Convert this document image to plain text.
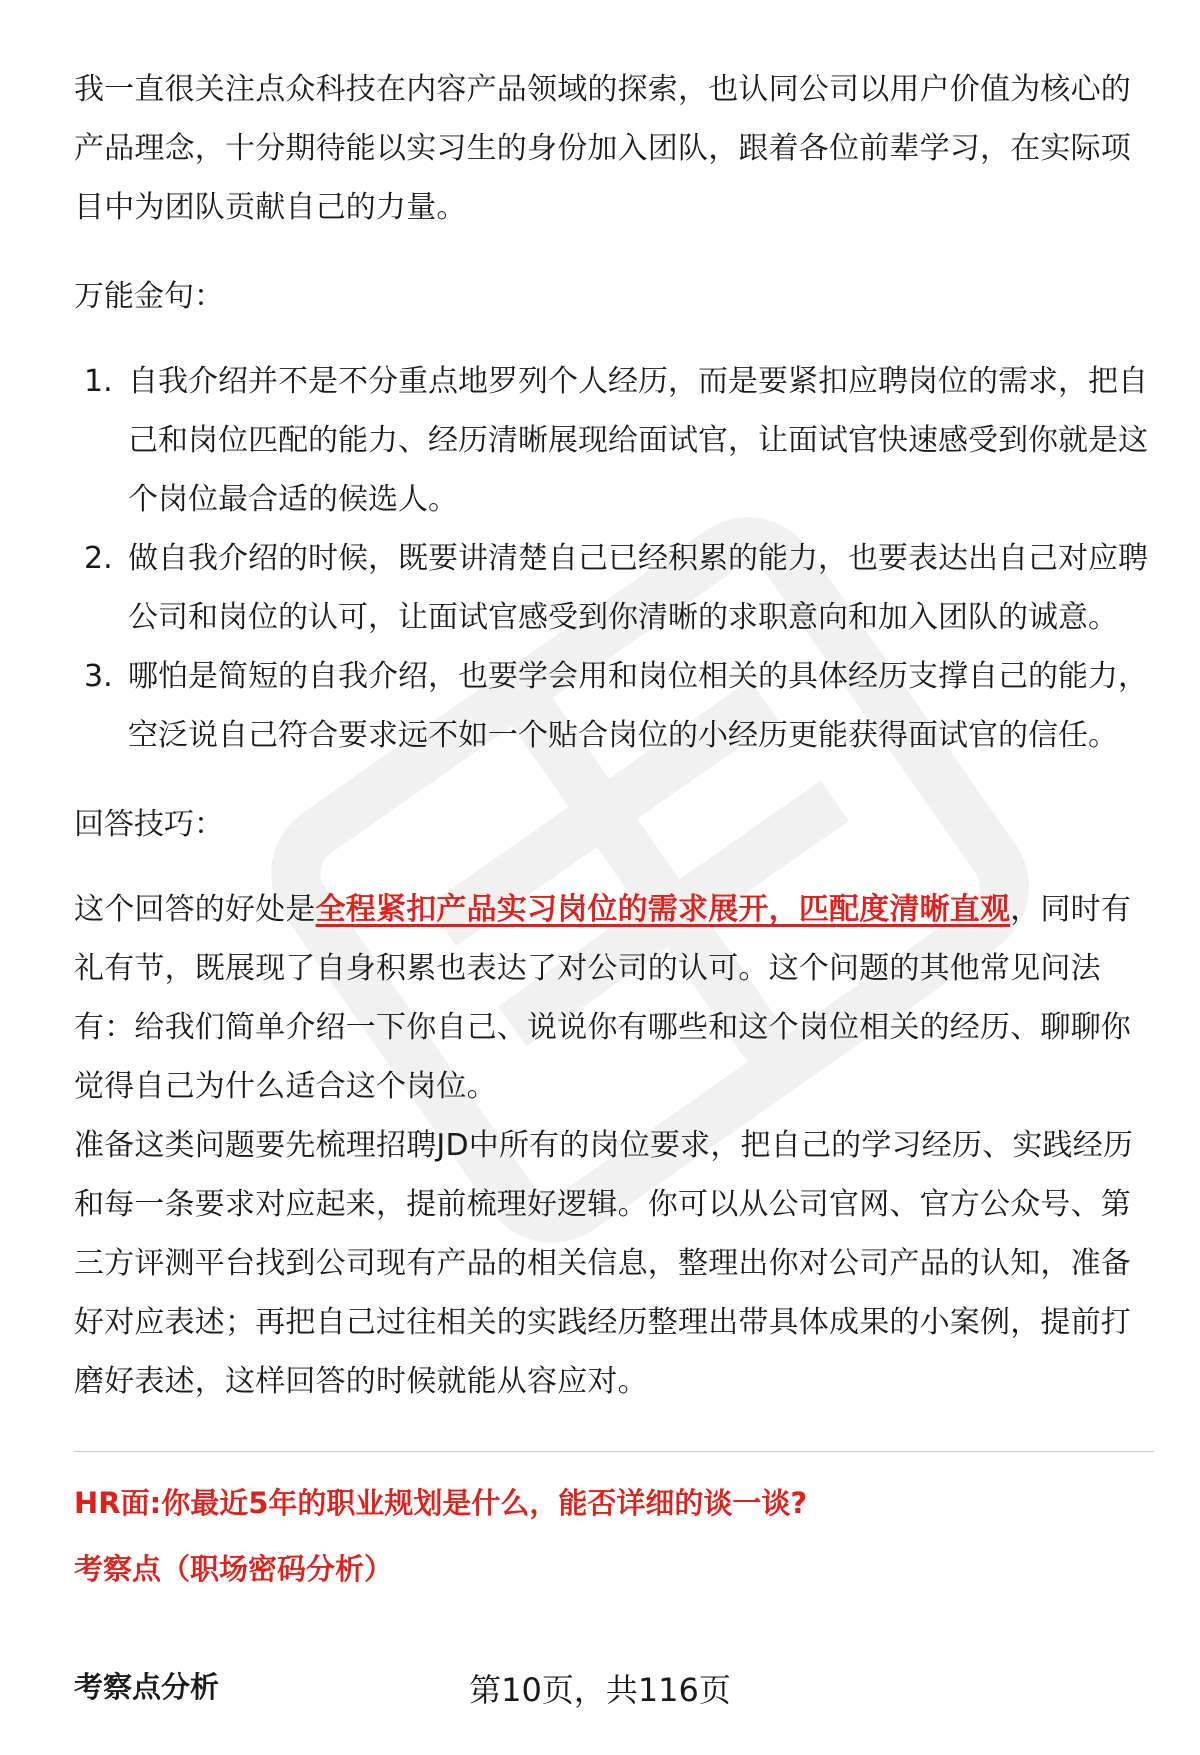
我一直很关注点众科技在内容产品领域的探索，也认同公司以用户价值为核心的产品理念，十分期待能以实习生的身份加入团队，跟着各位前辈学习，在实际项目中为团队贡献自己的力量。

万能金句：

1. 自我介绍并不是不分重点地罗列个人经历，而是要紧扣应聘岗位的需求，把自己和岗位匹配的能力、经历清晰展现给面试官，让面试官快速感受到你就是这个岗位最合适的候选人。
2. 做自我介绍的时候，既要讲清楚自己已经积累的能力，也要表达出自己对应聘公司和岗位的认可，让面试官感受到你清晰的求职意向和加入团队的诚意。
3. 哪怕是简短的自我介绍，也要学会用和岗位相关的具体经历支撑自己的能力，空泛说自己符合要求远不如一个贴合岗位的小经历更能获得面试官的信任。

回答技巧：

这个回答的好处是全程紧扣产品实习岗位的需求展开，匹配度清晰直观，同时有礼有节，既展现了自身积累也表达了对公司的认可。这个问题的其他常见问法有：给我们简单介绍一下你自己、说说你有哪些和这个岗位相关的经历、聊聊你觉得自己为什么适合这个岗位。

准备这类问题要先梳理招聘JD中所有的岗位要求，把自己的学习经历、实践经历和每一条要求对应起来，提前梳理好逻辑。你可以从公司官网、官方公众号、第三方评测平台找到公司现有产品的相关信息，整理出你对公司产品的认知，准备好对应表述；再把自己过往相关的实践经历整理出带具体成果的小案例，提前打磨好表述，这样回答的时候就能从容应对。

HR面:你最近5年的职业规划是什么，能否详细的谈一谈?

考察点（职场密码分析）

考察点分析	第10页，共116页
